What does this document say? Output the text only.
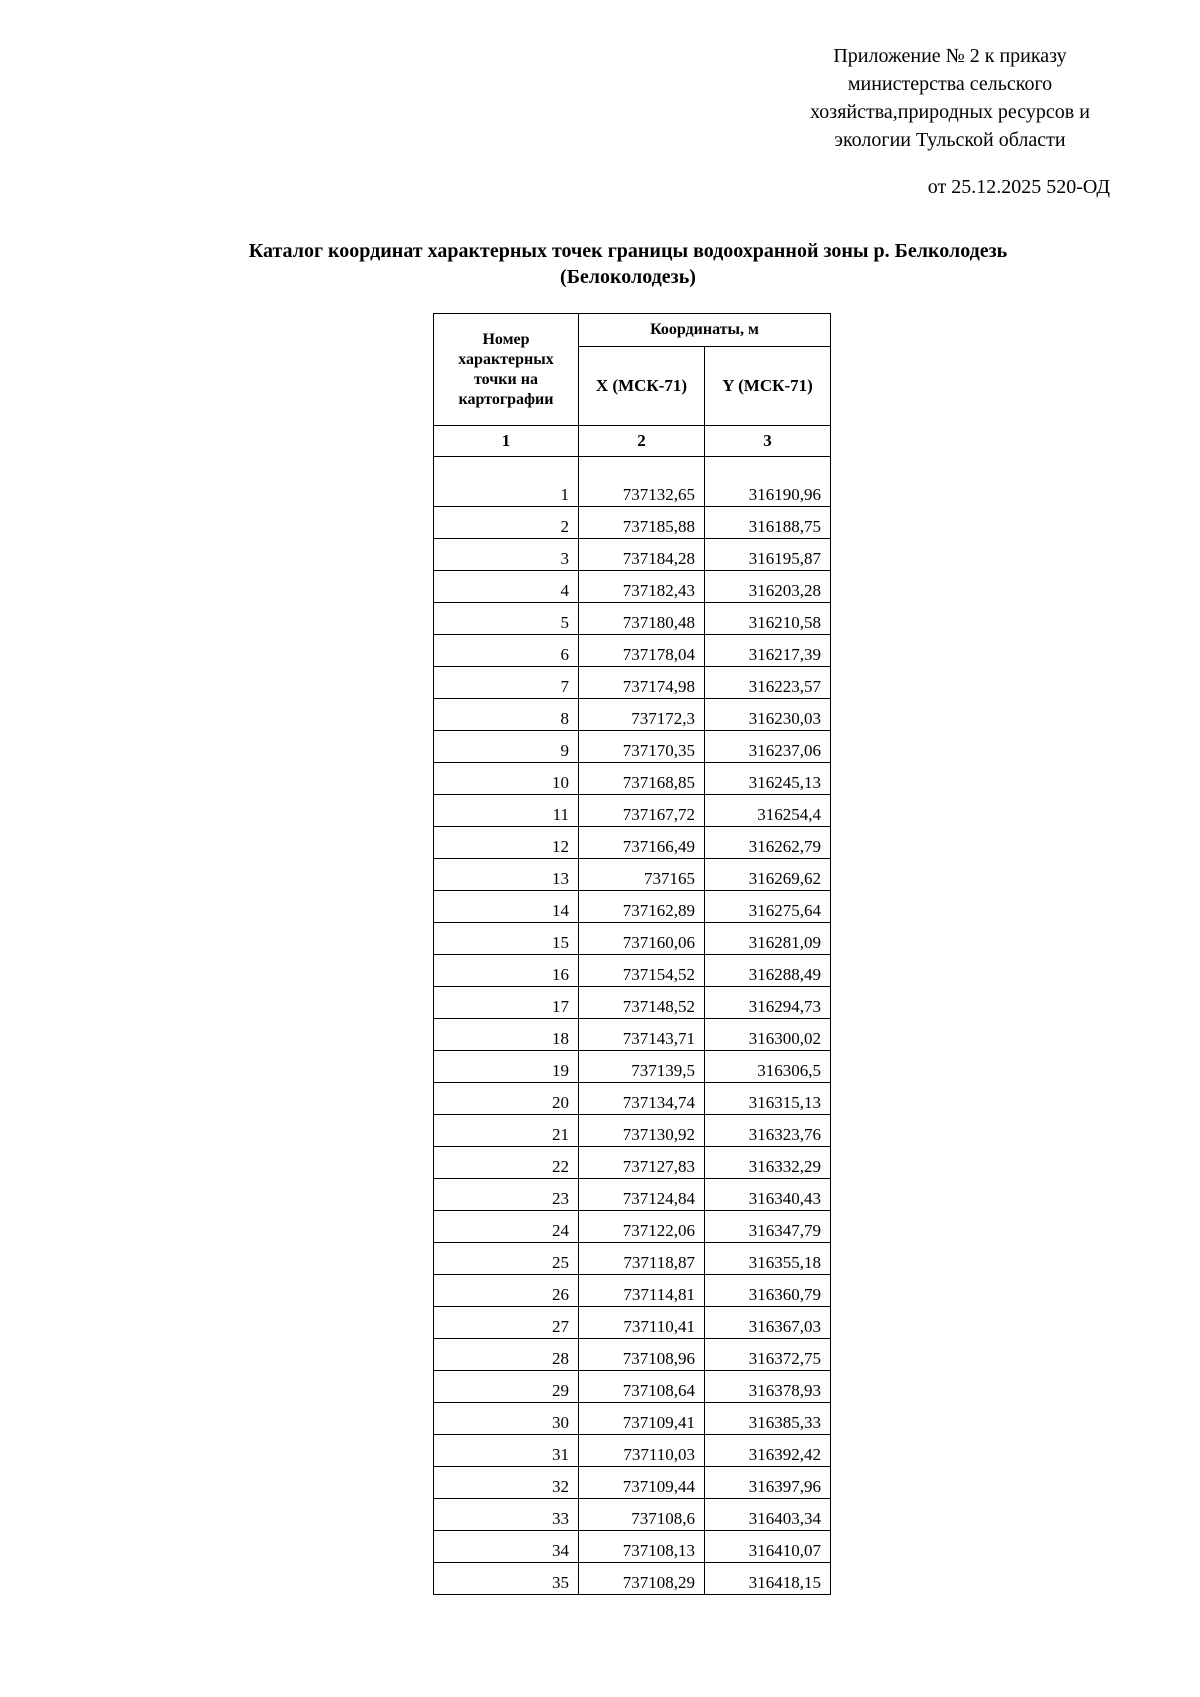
Приложение № 2 к приказу
министерства сельского
хозяйства,природных ресурсов и
экологии Тульской области
от 25.12.2025 520-ОД
Каталог координат характерных точек границы водоохранной зоны р. Белколодезь
(Белоколодезь)
Номер
характерных
точки на
картографии	Координаты, м	
	X (МСК-71)	Y (МСК-71)
1	2	3

1	737132,65	316190,96
2	737185,88	316188,75
3	737184,28	316195,87
4	737182,43	316203,28
5	737180,48	316210,58
6	737178,04	316217,39
7	737174,98	316223,57
8	737172,3	316230,03
9	737170,35	316237,06
10	737168,85	316245,13
11	737167,72	316254,4
12	737166,49	316262,79
13	737165	316269,62
14	737162,89	316275,64
15	737160,06	316281,09
16	737154,52	316288,49
17	737148,52	316294,73
18	737143,71	316300,02
19	737139,5	316306,5
20	737134,74	316315,13
21	737130,92	316323,76
22	737127,83	316332,29
23	737124,84	316340,43
24	737122,06	316347,79
25	737118,87	316355,18
26	737114,81	316360,79
27	737110,41	316367,03
28	737108,96	316372,75
29	737108,64	316378,93
30	737109,41	316385,33
31	737110,03	316392,42
32	737109,44	316397,96
33	737108,6	316403,34
34	737108,13	316410,07
35	737108,29	316418,15
